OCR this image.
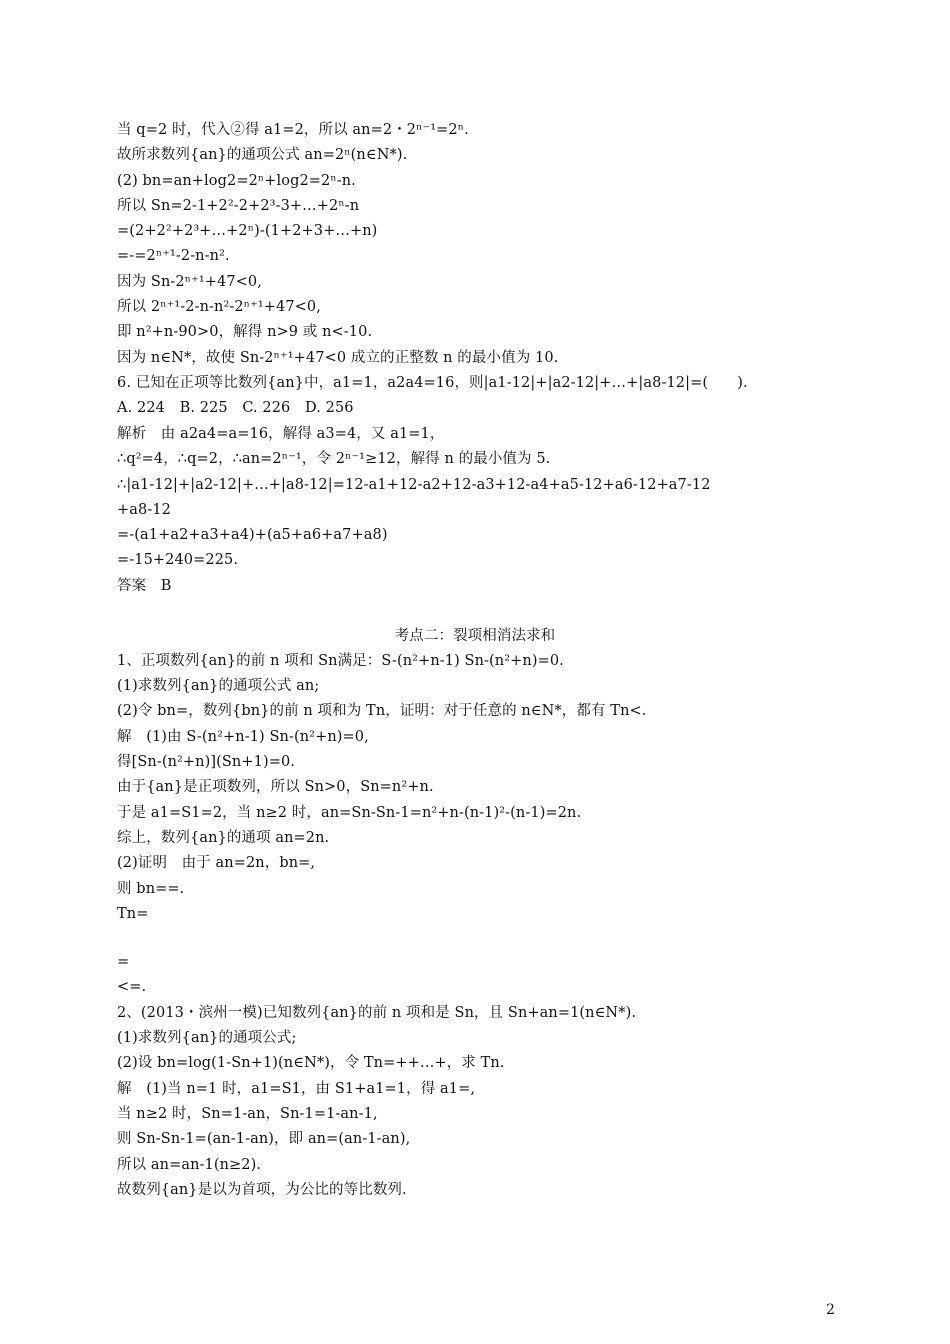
当 q=2 时，代入②得 a1=2，所以 an=2・2ⁿ⁻¹=2ⁿ.
故所求数列{an}的通项公式 an=2ⁿ(n∈N*).
(2) bn=an+log2=2ⁿ+log2=2ⁿ-n.
所以 Sn=2-1+2²-2+2³-3+…+2ⁿ-n
=(2+2²+2³+…+2ⁿ)-(1+2+3+…+n)
=-=2ⁿ⁺¹-2-n-n².
因为 Sn-2ⁿ⁺¹+47<0,
所以 2ⁿ⁺¹-2-n-n²-2ⁿ⁺¹+47<0,
即 n²+n-90>0，解得 n>9 或 n<-10.
因为 n∈N*，故使 Sn-2ⁿ⁺¹+47<0 成立的正整数 n 的最小值为 10.
6. 已知在正项等比数列{an}中，a1=1，a2a4=16，则|a1-12|+|a2-12|+…+|a8-12|=(　　).
A. 224　B. 225　C. 226　D. 256
解析　由 a2a4=a=16，解得 a3=4，又 a1=1，
∴q²=4，∴q=2，∴an=2ⁿ⁻¹，令 2ⁿ⁻¹≥12，解得 n 的最小值为 5.
∴|a1-12|+|a2-12|+…+|a8-12|=12-a1+12-a2+12-a3+12-a4+a5-12+a6-12+a7-12
+a8-12
=-(a1+a2+a3+a4)+(a5+a6+a7+a8)
=-15+240=225.
答案　B
考点二：裂项相消法求和
1、正项数列{an}的前 n 项和 Sn满足：S-(n²+n-1) Sn-(n²+n)=0.
(1)求数列{an}的通项公式 an;
(2)令 bn=，数列{bn}的前 n 项和为 Tn，证明：对于任意的 n∈N*，都有 Tn<.
解　(1)由 S-(n²+n-1) Sn-(n²+n)=0,
得[Sn-(n²+n)](Sn+1)=0.
由于{an}是正项数列，所以 Sn>0，Sn=n²+n.
于是 a1=S1=2，当 n≥2 时，an=Sn-Sn-1=n²+n-(n-1)²-(n-1)=2n.
综上，数列{an}的通项 an=2n.
(2)证明　由于 an=2n，bn=,
则 bn==.
Tn=
=
<=.
2、(2013・滨州一模)已知数列{an}的前 n 项和是 Sn，且 Sn+an=1(n∈N*).
(1)求数列{an}的通项公式;
(2)设 bn=log(1-Sn+1)(n∈N*)，令 Tn=++…+，求 Tn.
解　(1)当 n=1 时，a1=S1，由 S1+a1=1，得 a1=,
当 n≥2 时，Sn=1-an，Sn-1=1-an-1,
则 Sn-Sn-1=(an-1-an)，即 an=(an-1-an),
所以 an=an-1(n≥2).
故数列{an}是以为首项，为公比的等比数列.
2
